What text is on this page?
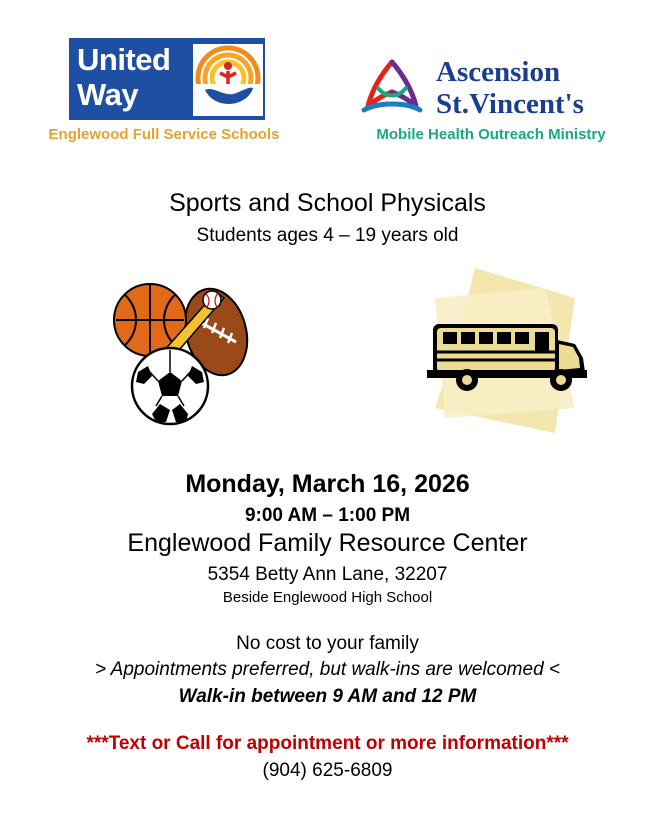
United
Way
®
Englewood Full Service Schools
Ascension
St.Vincent's
Mobile Health Outreach Ministry
Sports and School Physicals
Students ages 4 – 19 years old
Monday, March 16, 2026
9:00 AM – 1:00 PM
Englewood Family Resource Center
5354 Betty Ann Lane, 32207
Beside Englewood High School
No cost to your family
> Appointments preferred, but walk-ins are welcomed <
Walk-in between 9 AM and 12 PM
***Text or Call for appointment or more information***
(904) 625-6809
